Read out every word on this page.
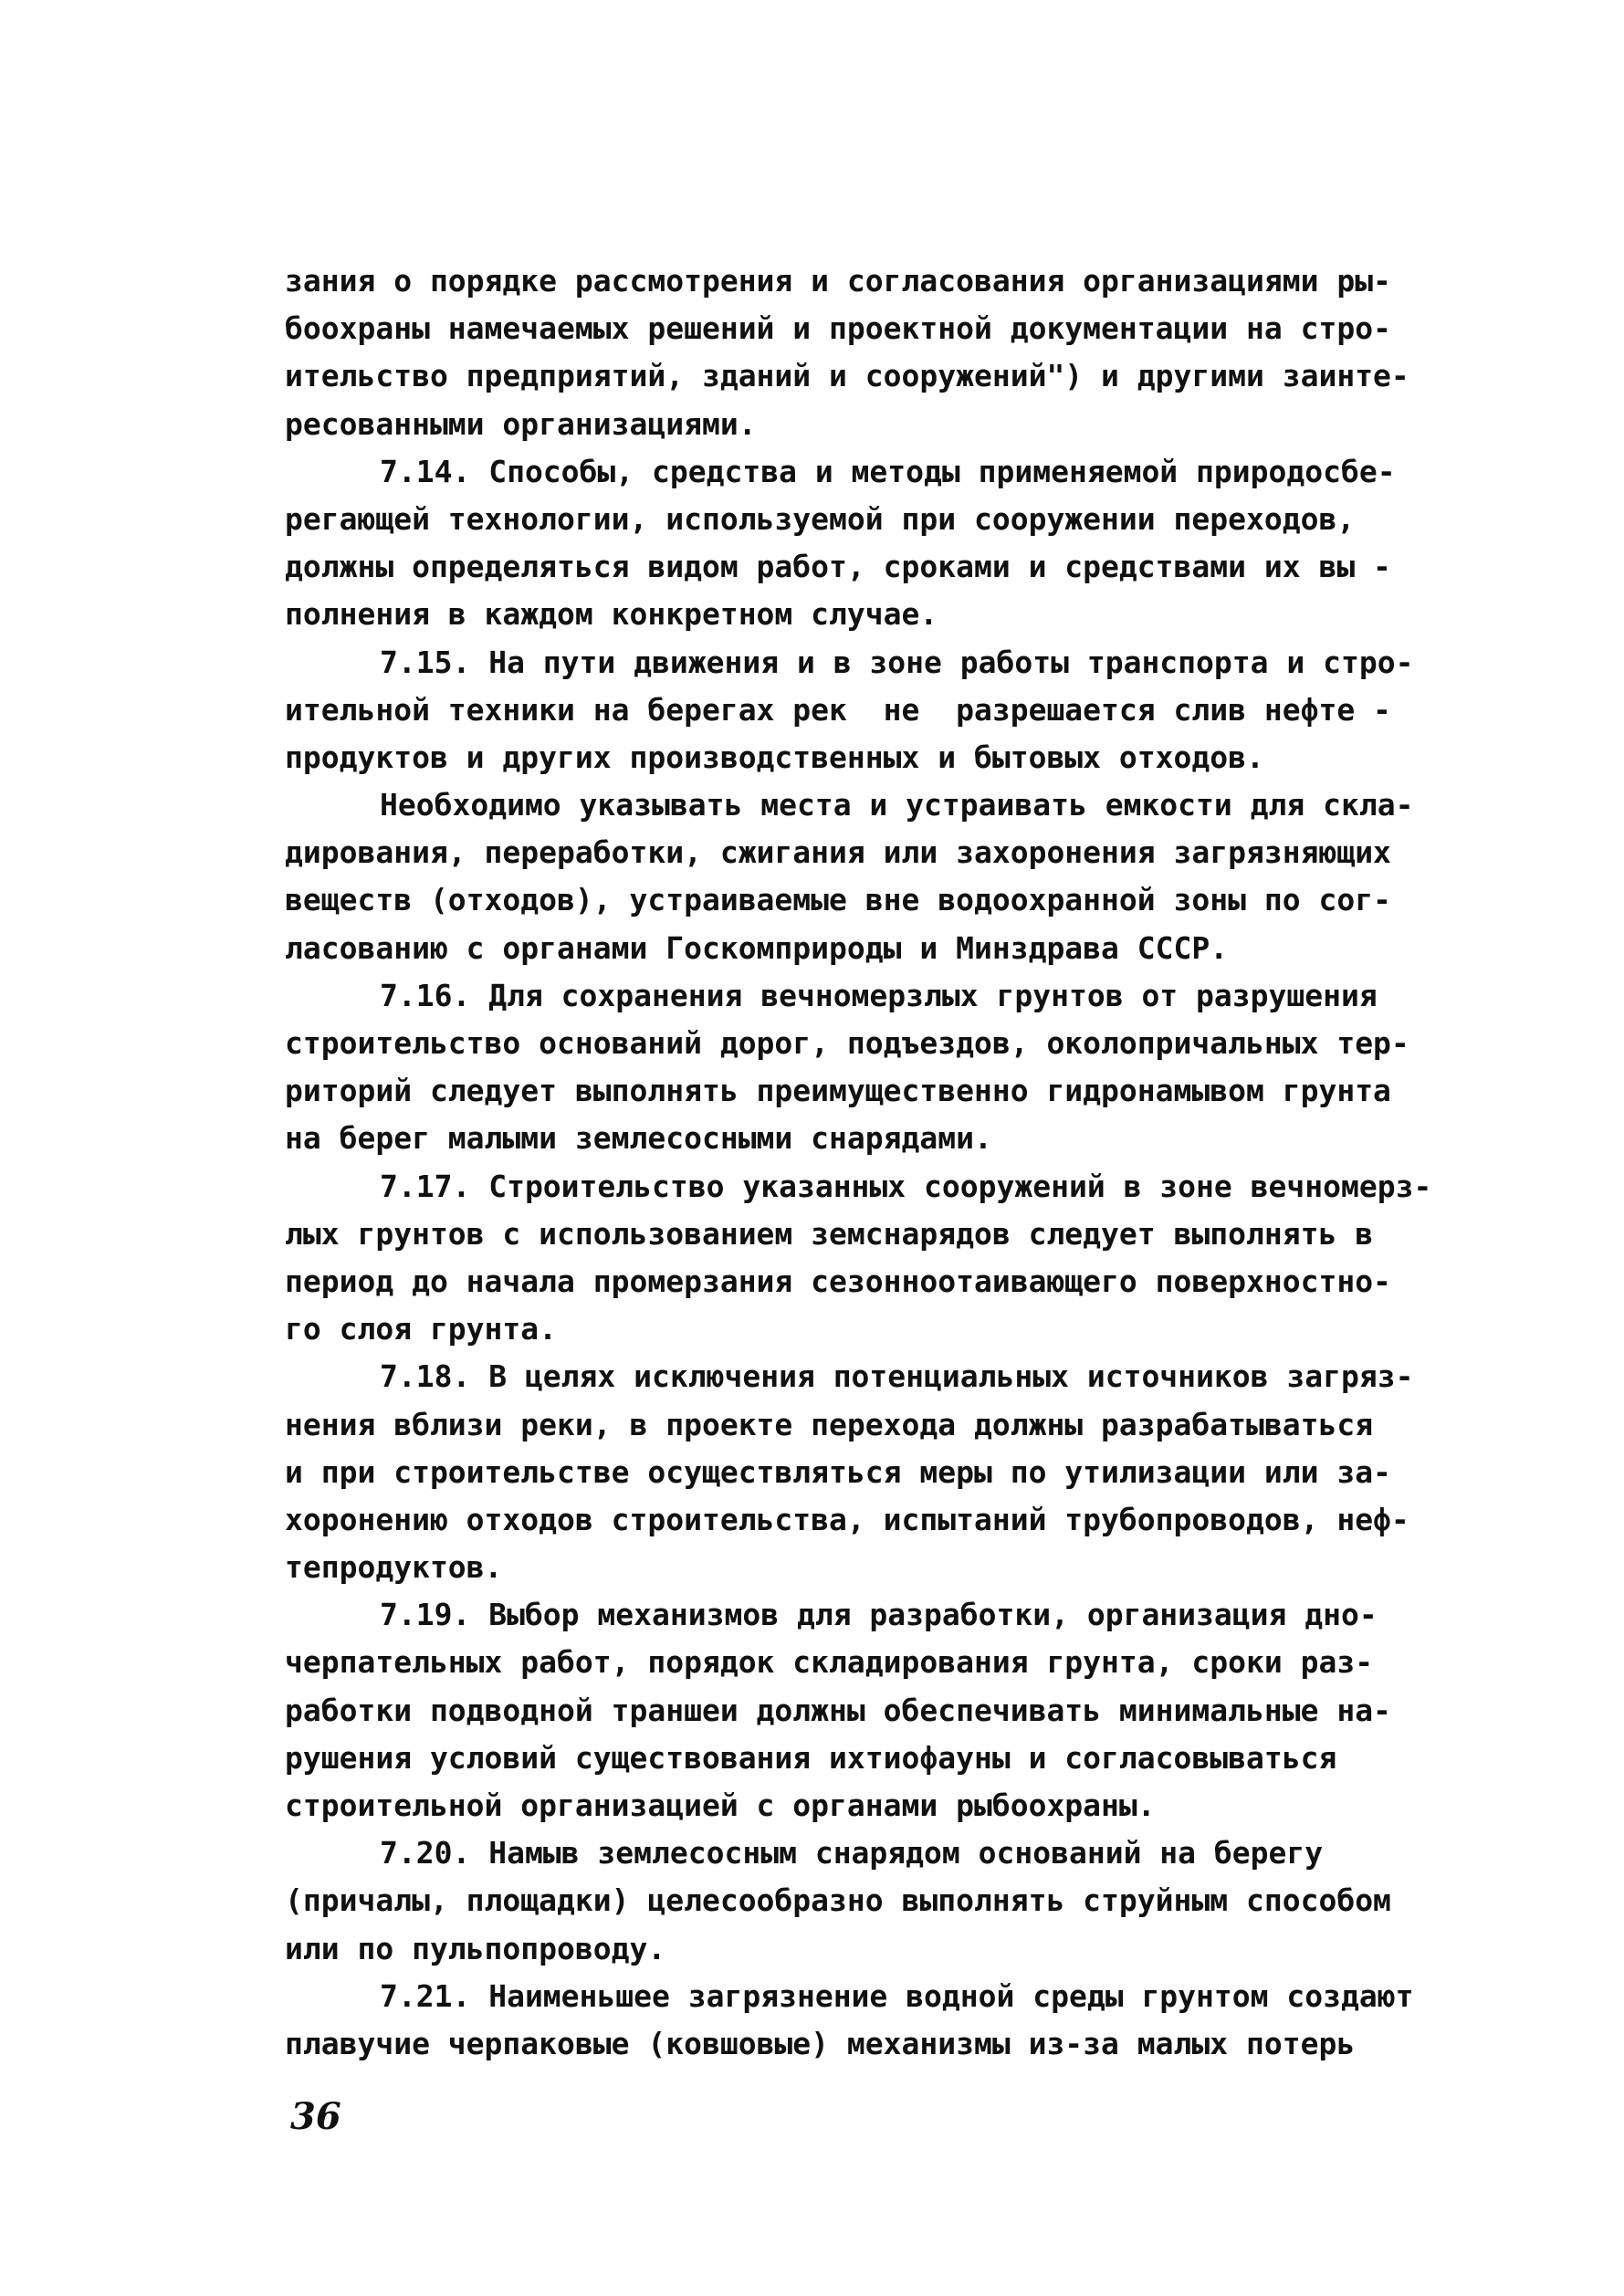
зания о порядке рассмотрения и согласования организациями ры-
боохраны намечаемых решений и проектной документации на стро-
ительство предприятий, зданий и сооружений") и другими заинте-
ресованными организациями.
7.14. Способы, средства и методы применяемой природосбе-
регающей технологии, используемой при сооружении переходов,
должны определяться видом работ, сроками и средствами их вы -
полнения в каждом конкретном случае.
7.15. На пути движения и в зоне работы транспорта и стро-
ительной техники на берегах рек  не  разрешается слив нефте -
продуктов и других производственных и бытовых отходов.
Необходимо указывать места и устраивать емкости для скла-
дирования, переработки, сжигания или захоронения загрязняющих
веществ (отходов), устраиваемые вне водоохранной зоны по сог-
ласованию с органами Госкомприроды и Минздрава СССР.
7.16. Для сохранения вечномерзлых грунтов от разрушения
строительство оснований дорог, подъездов, околопричальных тер-
риторий следует выполнять преимущественно гидронамывом грунта
на берег малыми землесосными снарядами.
7.17. Строительство указанных сооружений в зоне вечномерз-
лых грунтов с использованием земснарядов следует выполнять в
период до начала промерзания сезонноотаивающего поверхностно-
го слоя грунта.
7.18. В целях исключения потенциальных источников загряз-
нения вблизи реки, в проекте перехода должны разрабатываться
и при строительстве осуществляться меры по утилизации или за-
хоронению отходов строительства, испытаний трубопроводов, неф-
тепродуктов.
7.19. Выбор механизмов для разработки, организация дно-
черпательных работ, порядок складирования грунта, сроки раз-
работки подводной траншеи должны обеспечивать минимальные на-
рушения условий существования ихтиофауны и согласовываться
строительной организацией с органами рыбоохраны.
7.20. Намыв землесосным снарядом оснований на берегу
(причалы, площадки) целесообразно выполнять струйным способом
или по пульпопроводу.
7.21. Наименьшее загрязнение водной среды грунтом создают
плавучие черпаковые (ковшовые) механизмы из-за малых потерь
36
